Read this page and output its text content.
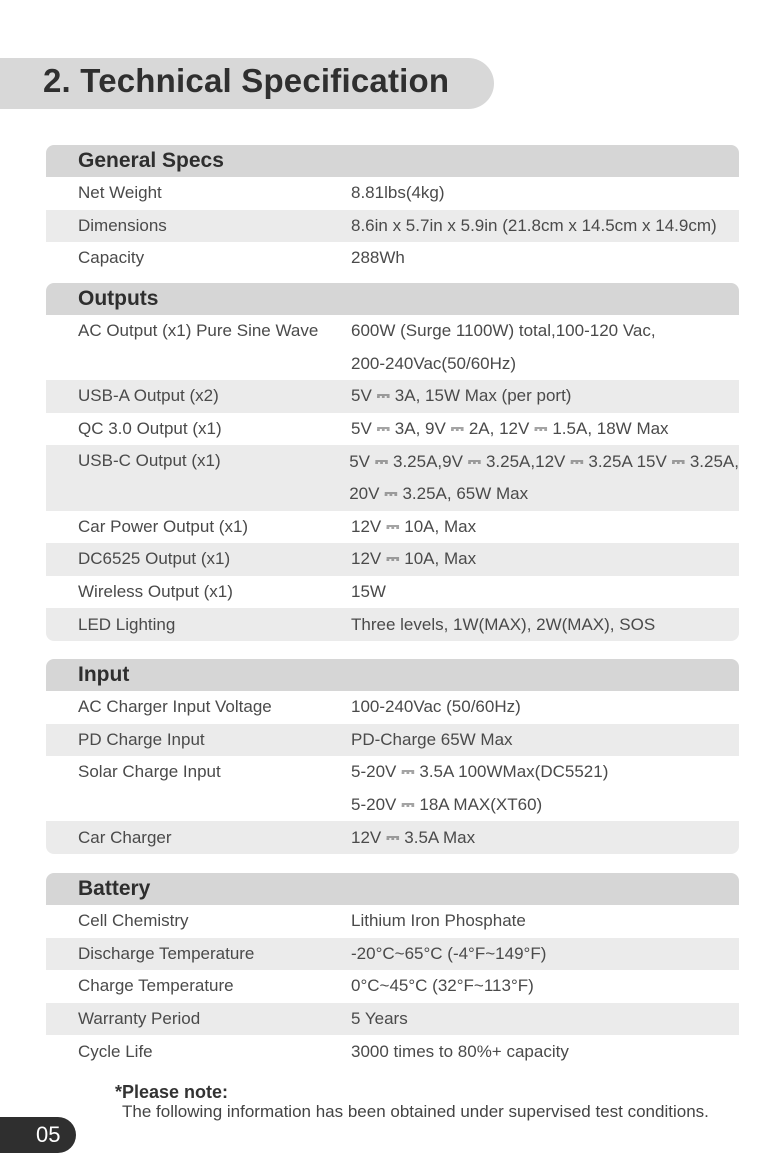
2. Technical Specification
General Specs
Net Weight	8.81lbs(4kg)
Dimensions	8.6in x 5.7in x 5.9in (21.8cm x 14.5cm x 14.9cm)
Capacity	288Wh
Outputs
AC Output (x1) Pure Sine Wave 600W (Surge 1100W) total,100-120 Vac,
200-240Vac(50/60Hz)
USB-A Output (x2)	5V ⎓ 3A, 15W Max (per port)
QC 3.0 Output (x1)	5V ⎓ 3A, 9V ⎓ 2A, 12V ⎓ 1.5A, 18W Max
USB-C Output (x1)	5V ⎓ 3.25A,9V ⎓ 3.25A,12V ⎓ 3.25A 15V ⎓ 3.25A,
20V ⎓ 3.25A, 65W Max
Car Power Output (x1)	12V ⎓ 10A, Max
DC6525 Output (x1)	12V ⎓ 10A, Max
Wireless Output (x1)	15W
LED Lighting	Three levels, 1W(MAX), 2W(MAX), SOS
Input
AC Charger Input Voltage	100-240Vac (50/60Hz)
PD Charge Input	PD-Charge 65W Max
Solar Charge Input	5-20V ⎓ 3.5A 100WMax(DC5521)
5-20V ⎓ 18A MAX(XT60)
Car Charger	12V ⎓ 3.5A Max
Battery
Cell Chemistry	Lithium Iron Phosphate
Discharge Temperature	-20°C~65°C (-4°F~149°F)
Charge Temperature	0°C~45°C (32°F~113°F)
Warranty Period	5 Years
Cycle Life	3000 times to 80%+ capacity
*Please note:
The following information has been obtained under supervised test conditions.
05
